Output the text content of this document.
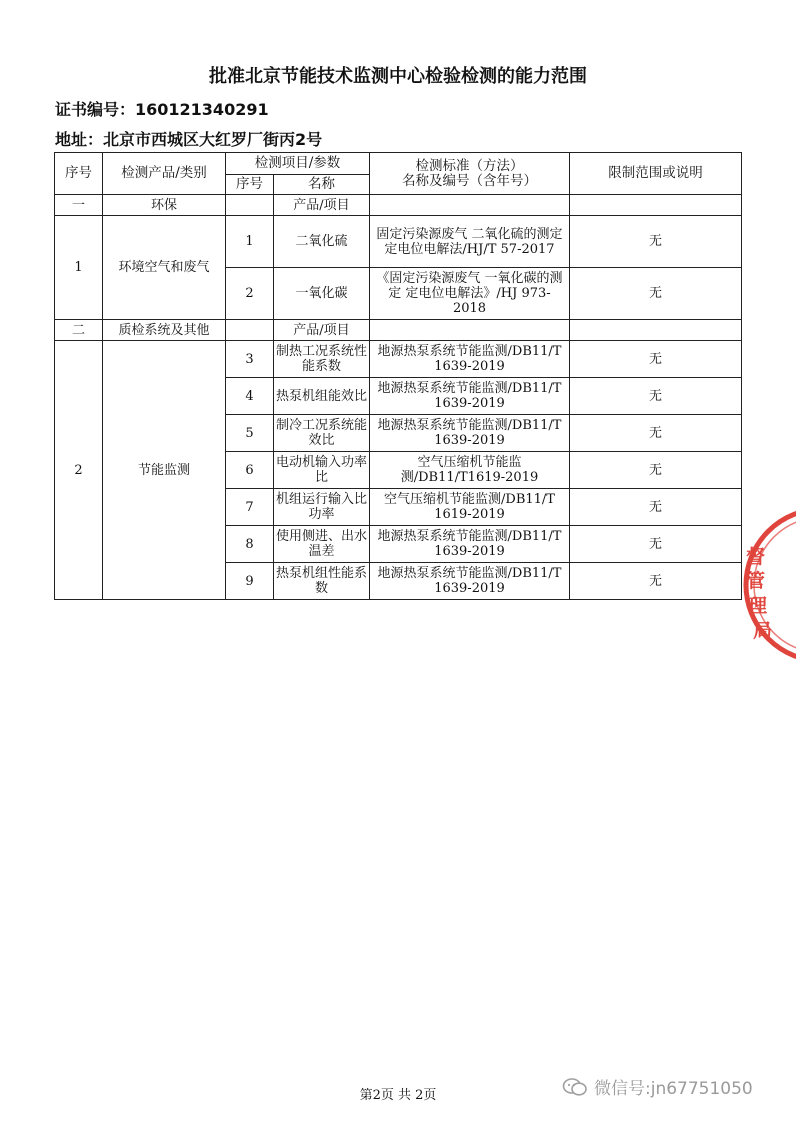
批准北京节能技术监测中心检验检测的能力范围
证书编号：160121340291
地址：北京市西城区大红罗厂街丙2号
序号	检测产品/类别	检测项目/参数		检测标准（方法）
名称及编号（含年号）	限制范围或说明
		序号	名称		
一	环保		产品/项目		
1	环境空气和废气	1	二氧化硫	固定污染源废气 二氧化硫的测定 定电位电解法/HJ/T 57-2017	无
		2	一氧化碳	《固定污染源废气 一氧化碳的测定 定电位电解法》/HJ 973-2018	无
二	质检系统及其他		产品/项目		
2	节能监测	3	制热工况系统性能系数	地源热泵系统节能监测/DB11/T 1639-2019	无
		4	热泵机组能效比	地源热泵系统节能监测/DB11/T 1639-2019	无
		5	制冷工况系统能效比	地源热泵系统节能监测/DB11/T 1639-2019	无
		6	电动机输入功率比	空气压缩机节能监测/DB11/T1619-2019	无
		7	机组运行输入比功率	空气压缩机节能监测/DB11/T 1619-2019	无
		8	使用侧进、出水温差	地源热泵系统节能监测/DB11/T 1639-2019	无
		9	热泵机组性能系数	地源热泵系统节能监测/DB11/T 1639-2019	无
督管理局
第2页 共 2页	微信号:jn67751050
